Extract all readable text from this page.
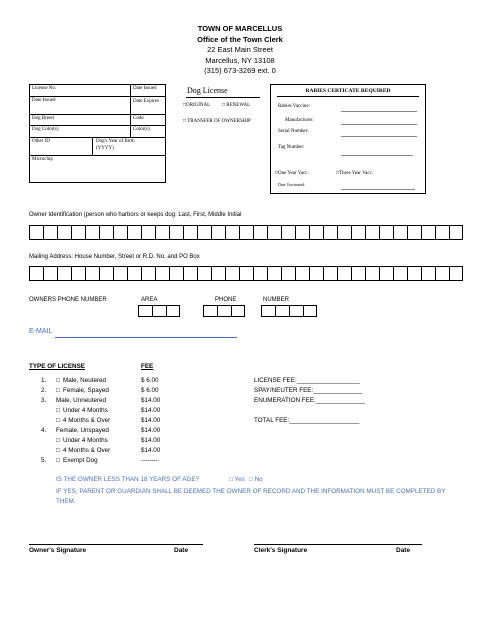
TOWN OF MARCELLUS
Office of the Town Clerk
22 East Main Street
Marcellus, NY 13108
(315) 673-3269 ext. 0
License No.	Date Issued
Date Issued	Date Expires
Dog Breed	Code
Dog Color(s)	Color(s)
Other ID	Dog's Year of Birth
(YYYY)
Microchip
Dog License
□ORIGINAL □ RENEWAL
□ TRANSFER OF OWNERSHIP
RABIES CERTICATE REQUIRED
Rabies Vaccine:
Manufacturer:
Serial Number:
Tag Number:
□One Year Vacc.	□Three Year Vacc.
Date Vaccinated:
Owner Identification (person who harbors or keeps dog: Last, First, Middle Initial
Mailing Address: House Number, Street or R.D. No. and PO Box
OWNERS PHONE NUMBER	AREA	PHONE	NUMBER
E-MAIL
TYPE OF LICENSE	FEE
1. □ Male, Neutered	$ 6.00
2. □ Female, Spayed	$ 6.00
3. Male, Unneutered	$14.00
□ Under 4 Months	$14.00
□ 4 Months & Over	$14.00
4. Female, Unspayed	$14.00
□ Under 4 Months	$14.00
□ 4 Months & Over	$14.00
5. □ Exempt Dog	--------
LICENSE FEE:__________________
SPAY/NEUTER FEE:______________
ENUMERATION FEE:______________
TOTAL FEE:____________________
IS THE OWNER LESS THAN 18 YEARS OF AGE?	□ Yes □ No
IF YES, PARENT OR GUARDIAN SHALL BE DEEMED THE OWNER OF RECORD AND THE INFORMATION MUST BE COMPLETED BY THEM.
Owner's Signature	Date	Clerk's Signature	Date
